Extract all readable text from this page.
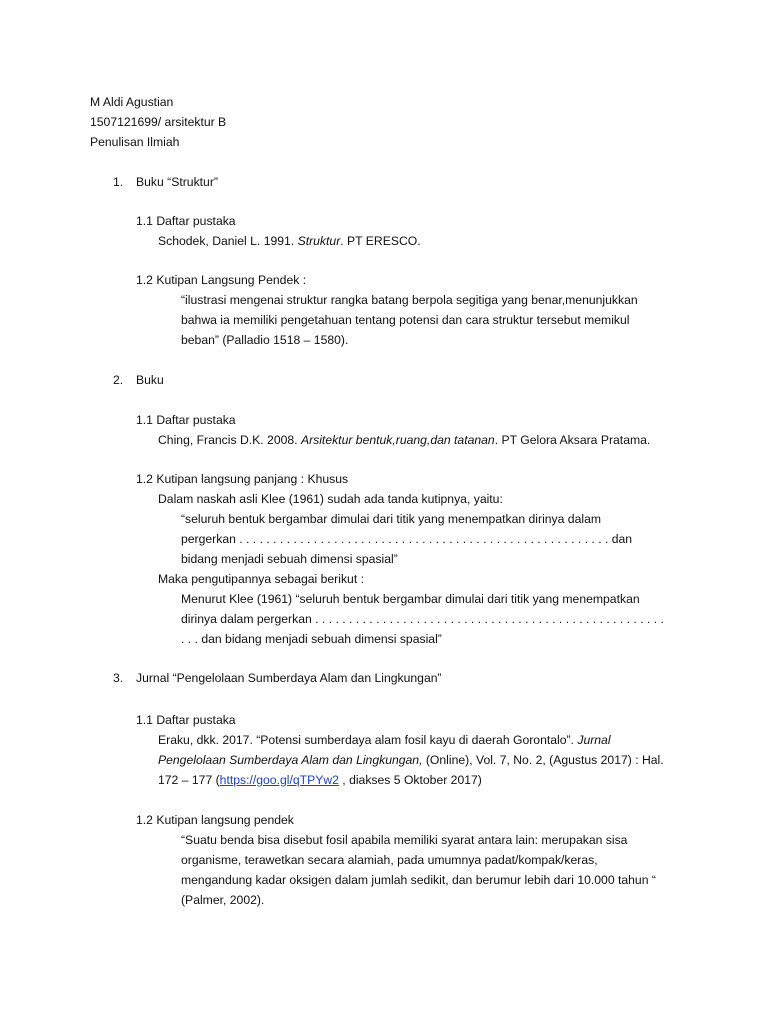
M Aldi Agustian
1507121699/ arsitektur B
Penulisan Ilmiah
1. Buku “Struktur”
1.1 Daftar pustaka
Schodek, Daniel L. 1991. Struktur. PT ERESCO.
1.2 Kutipan Langsung Pendek :
“ilustrasi mengenai struktur rangka batang berpola segitiga yang benar,menunjukkan
bahwa ia memiliki pengetahuan tentang potensi dan cara struktur tersebut memikul
beban” (Palladio 1518 – 1580).
2. Buku
1.1 Daftar pustaka
Ching, Francis D.K. 2008. Arsitektur bentuk,ruang,dan tatanan. PT Gelora Aksara Pratama.
1.2 Kutipan langsung panjang : Khusus
Dalam naskah asli Klee (1961) sudah ada tanda kutipnya, yaitu:
“seluruh bentuk bergambar dimulai dari titik yang menempatkan dirinya dalam
pergerkan . . . . . . . . . . . . . . . . . . . . . . . . . . . . . . . . . . . . . . . . . . . . . . . . . . . . . . . dan
bidang menjadi sebuah dimensi spasial”
Maka pengutipannya sebagai berikut :
Menurut Klee (1961) “seluruh bentuk bergambar dimulai dari titik yang menempatkan
dirinya dalam pergerkan . . . . . . . . . . . . . . . . . . . . . . . . . . . . . . . . . . . . . . . . . . . . . . . . . . . .
. . . dan bidang menjadi sebuah dimensi spasial”
3. Jurnal “Pengelolaan Sumberdaya Alam dan Lingkungan”
1.1 Daftar pustaka
Eraku, dkk. 2017. “Potensi sumberdaya alam fosil kayu di daerah Gorontalo”. Jurnal
Pengelolaan Sumberdaya Alam dan Lingkungan, (Online), Vol. 7, No. 2, (Agustus 2017) : Hal.
172 – 177 (https://goo.gl/qTPYw2 , diakses 5 Oktober 2017)
1.2 Kutipan langsung pendek
“Suatu benda bisa disebut fosil apabila memiliki syarat antara lain: merupakan sisa
organisme, terawetkan secara alamiah, pada umumnya padat/kompak/keras,
mengandung kadar oksigen dalam jumlah sedikit, dan berumur lebih dari 10.000 tahun “
(Palmer, 2002).
